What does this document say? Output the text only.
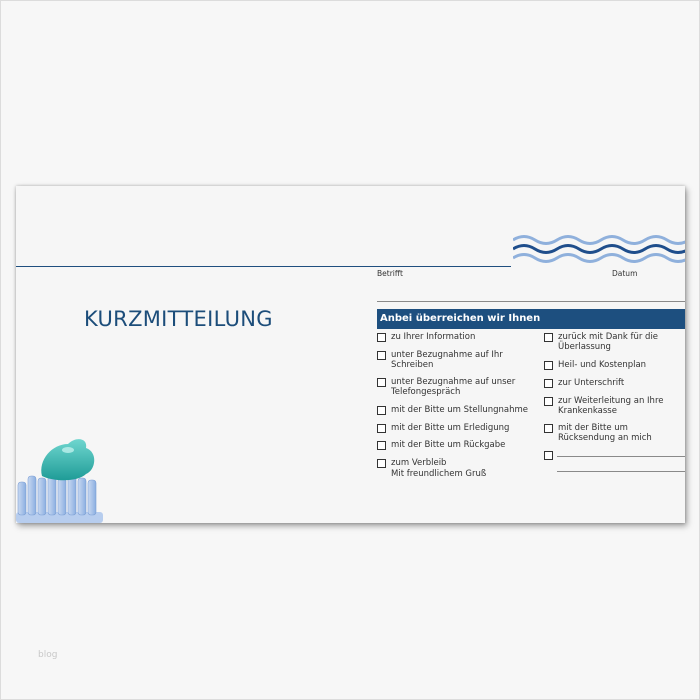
Betrifft	Datum
KURZMITTEILUNG	Anbei überreichen wir Ihnen
zu Ihrer Information
unter Bezugnahme auf Ihr Schreiben
unter Bezugnahme auf unser Telefongespräch
mit der Bitte um Stellungnahme
mit der Bitte um Erledigung
mit der Bitte um Rückgabe
zum Verbleib
zurück mit Dank für die Überlassung
Heil- und Kostenplan
zur Unterschrift
zur Weiterleitung an Ihre Krankenkasse
mit der Bitte um Rücksendung an mich
Mit freundlichem Gruß
blog
